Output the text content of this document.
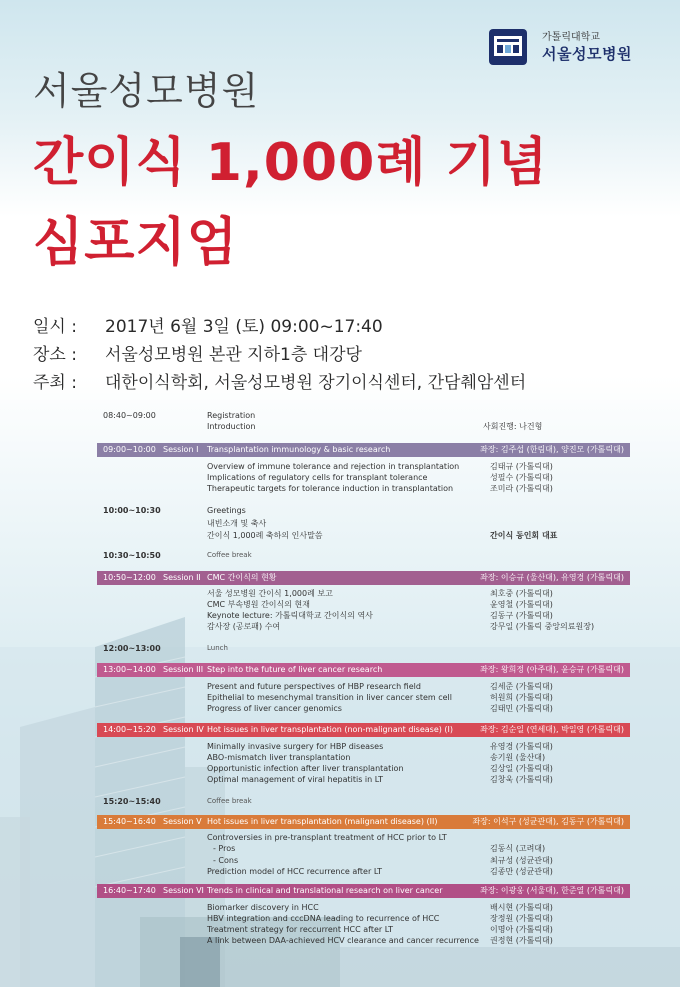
가톨릭대학교
서울성모병원
서울성모병원
간이식 1,000례 기념
심포지엄
일시 : 2017년 6월 3일 (토) 09:00~17:40
장소 : 서울성모병원 본관 지하1층 대강당
주최 : 대한이식학회, 서울성모병원 장기이식센터, 간담췌암센터
08:40~09:00	Registration
Introduction	사회진행: 나건형
09:00~10:00 Session I Transplantation immunology & basic research	좌장: 김주섭 (한림대), 양진모 (가톨릭대)
Overview of immune tolerance and rejection in transplantation	김태규 (가톨릭대)
Implications of regulatory cells for transplant tolerance	성필수 (가톨릭대)
Therapeutic targets for tolerance induction in transplantation	조미라 (가톨릭대)
10:00~10:30	Greetings
내빈소개 및 축사
간이식 1,000례 축하의 인사말씀	간이식 동인회 대표
10:30~10:50	Coffee break
10:50~12:00 Session II CMC 간이식의 현황	좌장: 이승규 (울산대), 유영경 (가톨릭대)
서울 성모병원 간이식 1,000례 보고	최호중 (가톨릭대)
CMC 부속병원 간이식의 현재	윤영철 (가톨릭대)
Keynote lecture: 가톨릭대학교 간이식의 역사	김동구 (가톨릭대)
감사장 (공로패) 수여	강무일 (가톨릭 중앙의료원장)
12:00~13:00	Lunch
13:00~14:00 Session III Step into the future of liver cancer research	좌장: 왕희정 (아주대), 윤승규 (가톨릭대)
Present and future perspectives of HBP research field	김세준 (가톨릭대)
Epithelial to mesenchymal transition in liver cancer stem cell	허원희 (가톨릭대)
Progress of liver cancer genomics	김태민 (가톨릭대)
14:00~15:20 Session IV Hot issues in liver transplantation (non-malignant disease) (I)	좌장: 김순일 (연세대), 박일영 (가톨릭대)
Minimally invasive surgery for HBP diseases	유영경 (가톨릭대)
ABO-mismatch liver transplantation	송기원 (울산대)
Opportunistic infection after liver transplantation	김상일 (가톨릭대)
Optimal management of viral hepatitis in LT	김창욱 (가톨릭대)
15:20~15:40	Coffee break
15:40~16:40 Session V Hot issues in liver transplantation (malignant disease) (II)	좌장: 이석구 (성균관대), 김동구 (가톨릭대)
Controversies in pre-transplant treatment of HCC prior to LT
- Pros	김동식 (고려대)
- Cons	최규성 (성균관대)
Prediction model of HCC recurrence after LT	김종만 (성균관대)
16:40~17:40 Session VI Trends in clinical and translational research on liver cancer	좌장: 이광웅 (서울대), 한준열 (가톨릭대)
Biomarker discovery in HCC	배시현 (가톨릭대)
HBV integration and cccDNA leading to recurrence of HCC	장정원 (가톨릭대)
Treatment strategy for reccurrent HCC after LT	이명아 (가톨릭대)
A link between DAA-achieved HCV clearance and cancer recurrence 권정현 (가톨릭대)
